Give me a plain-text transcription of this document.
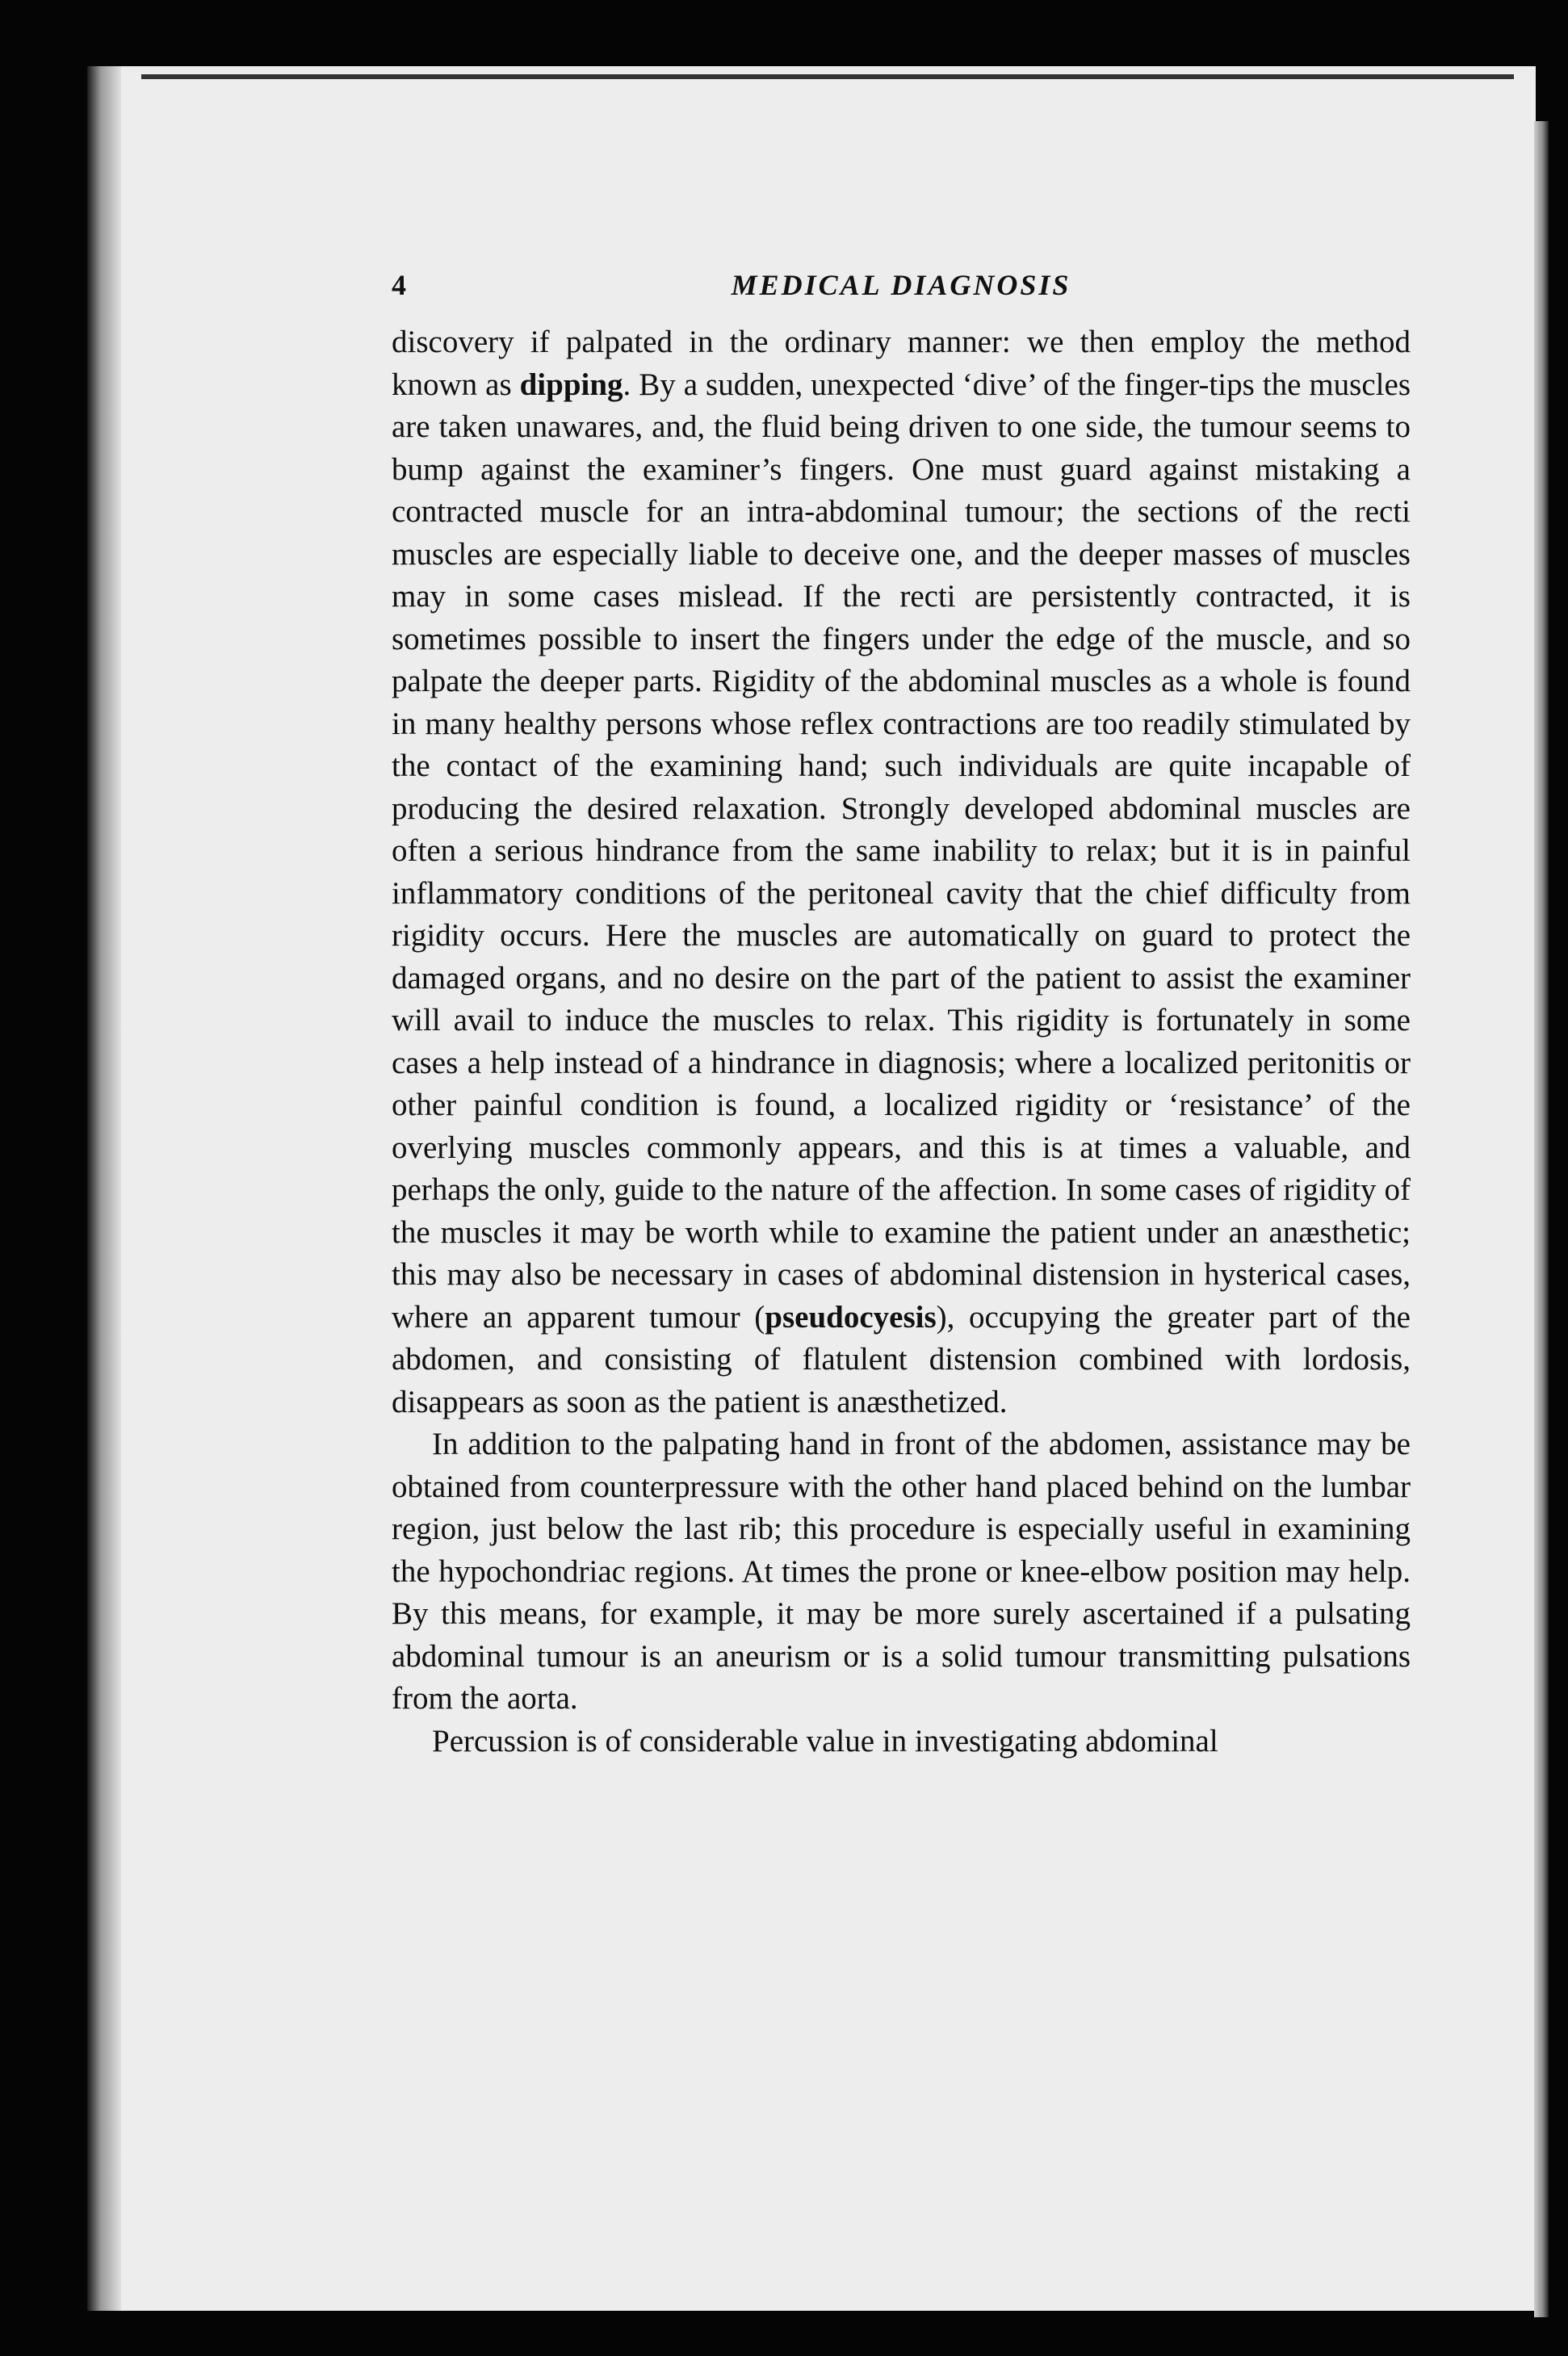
4	MEDICAL DIAGNOSIS

discovery if palpated in the ordinary manner: we then employ the method known as dipping. By a sudden, unexpected ‘dive’ of the finger-tips the muscles are taken unawares, and, the fluid being driven to one side, the tumour seems to bump against the examiner’s fingers. One must guard against mistaking a contracted muscle for an intra-abdominal tumour; the sections of the recti muscles are especially liable to deceive one, and the deeper masses of muscles may in some cases mislead. If the recti are persistently contracted, it is sometimes possible to insert the fingers under the edge of the muscle, and so palpate the deeper parts. Rigidity of the abdominal muscles as a whole is found in many healthy persons whose reflex contractions are too readily stimulated by the contact of the examining hand; such individuals are quite incapable of producing the desired relaxation. Strongly developed abdominal muscles are often a serious hindrance from the same inability to relax; but it is in painful inflammatory conditions of the peritoneal cavity that the chief difficulty from rigidity occurs. Here the muscles are automatically on guard to protect the damaged organs, and no desire on the part of the patient to assist the examiner will avail to induce the muscles to relax. This rigidity is fortunately in some cases a help instead of a hindrance in diagnosis; where a localized peritonitis or other painful condition is found, a localized rigidity or ‘resistance’ of the overlying muscles commonly appears, and this is at times a valuable, and perhaps the only, guide to the nature of the affection. In some cases of rigidity of the muscles it may be worth while to examine the patient under an anæsthetic; this may also be necessary in cases of abdominal distension in hysterical cases, where an apparent tumour (pseudocyesis), occupying the greater part of the abdomen, and consisting of flatulent distension combined with lordosis, disappears as soon as the patient is anæsthetized.

In addition to the palpating hand in front of the abdomen, assistance may be obtained from counterpressure with the other hand placed behind on the lumbar region, just below the last rib; this procedure is especially useful in examining the hypochondriac regions. At times the prone or knee-elbow position may help. By this means, for example, it may be more surely ascertained if a pulsating abdominal tumour is an aneurism or is a solid tumour transmitting pulsations from the aorta.

Percussion is of considerable value in investigating abdominal
